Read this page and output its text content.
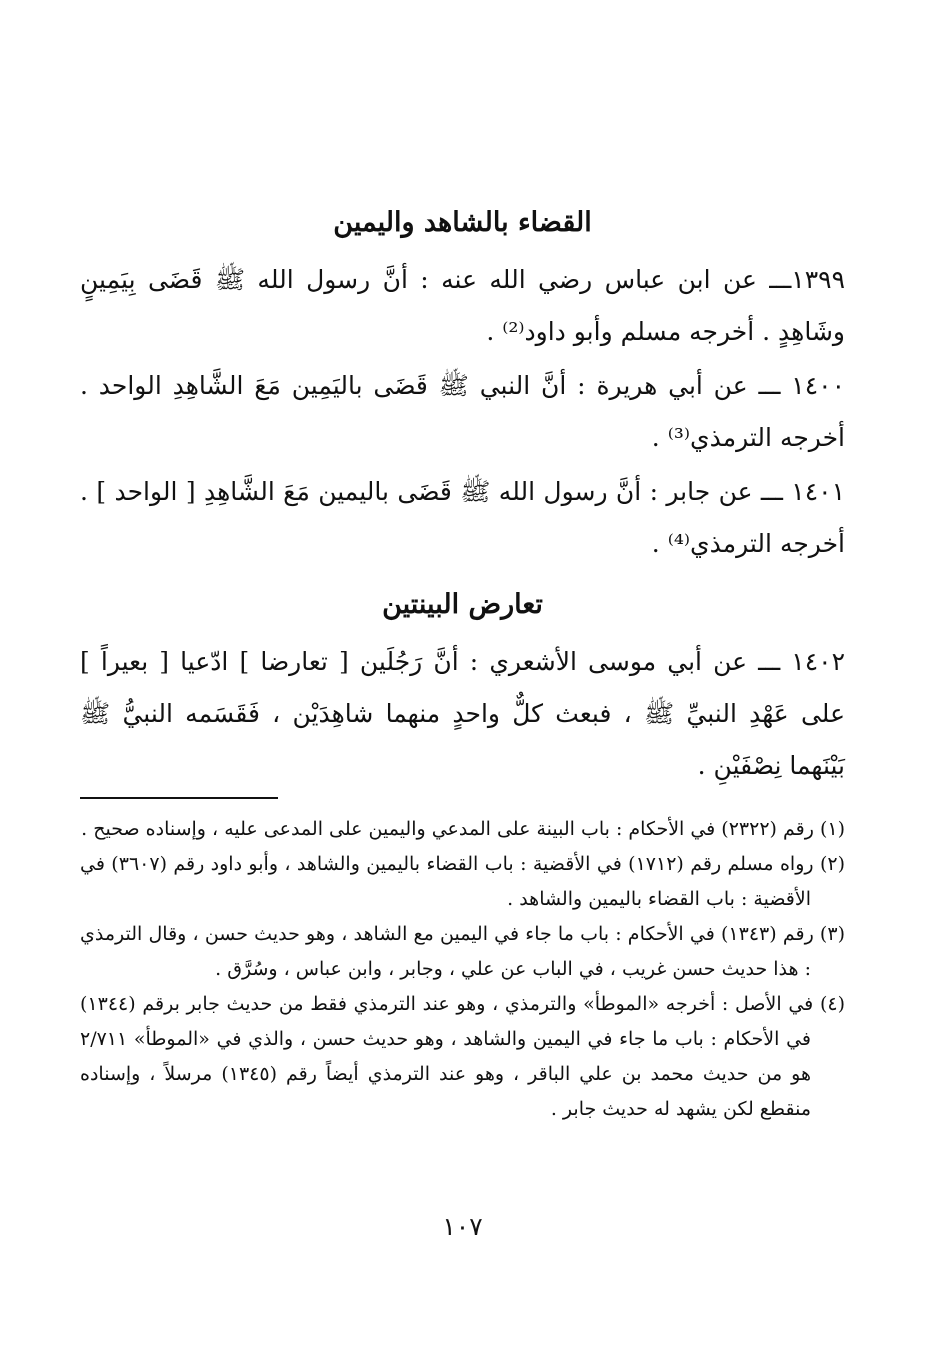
القضاء بالشاهد واليمين

١٣٩٩ـــ عن ابن عباس رضي الله عنه : أنَّ رسول الله ﷺ قَضَى بِيَمِينٍ وشَاهِدٍ . أخرجه مسلم وأبو داود⁽²⁾ .

١٤٠٠ ـــ عن أبي هريرة : أنَّ النبي ﷺ قَضَى باليَمِين مَعَ الشَّاهِدِ الواحد . أخرجه الترمذي⁽³⁾ .

١٤٠١ ـــ عن جابر : أنَّ رسول الله ﷺ قَضَى باليمين مَعَ الشَّاهِدِ [ الواحد ] . أخرجه الترمذي⁽⁴⁾ .

تعارض البينتين

١٤٠٢ ـــ عن أبي موسى الأشعري : أنَّ رَجُلَين [ تعارضا ] ادّعيا [ بعيراً ] على عَهْدِ النبيِّ ﷺ ، فبعث كلٌّ واحدٍ منهما شاهِدَيْن ، فَقَسَمه النبيُّ ﷺ بَيْنَهما نِصْفَيْنِ .

(١) رقم (٢٣٢٢) في الأحكام : باب البينة على المدعي واليمين على المدعى عليه ، وإسناده صحيح .

(٢) رواه مسلم رقم (١٧١٢) في الأقضية : باب القضاء باليمين والشاهد ، وأبو داود رقم (٣٦٠٧) في الأقضية : باب القضاء باليمين والشاهد .

(٣) رقم (١٣٤٣) في الأحكام : باب ما جاء في اليمين مع الشاهد ، وهو حديث حسن ، وقال الترمذي : هذا حديث حسن غريب ، في الباب عن علي ، وجابر ، وابن عباس ، وسُرَّق .

(٤) في الأصل : أخرجه «الموطأ» والترمذي ، وهو عند الترمذي فقط من حديث جابر برقم (١٣٤٤) في الأحكام : باب ما جاء في اليمين والشاهد ، وهو حديث حسن ، والذي في «الموطأ» ٢/٧١١ هو من حديث محمد بن علي الباقر ، وهو عند الترمذي أيضاً رقم (١٣٤٥) مرسلاً ، وإسناده منقطع لكن يشهد له حديث جابر .

١٠٧
